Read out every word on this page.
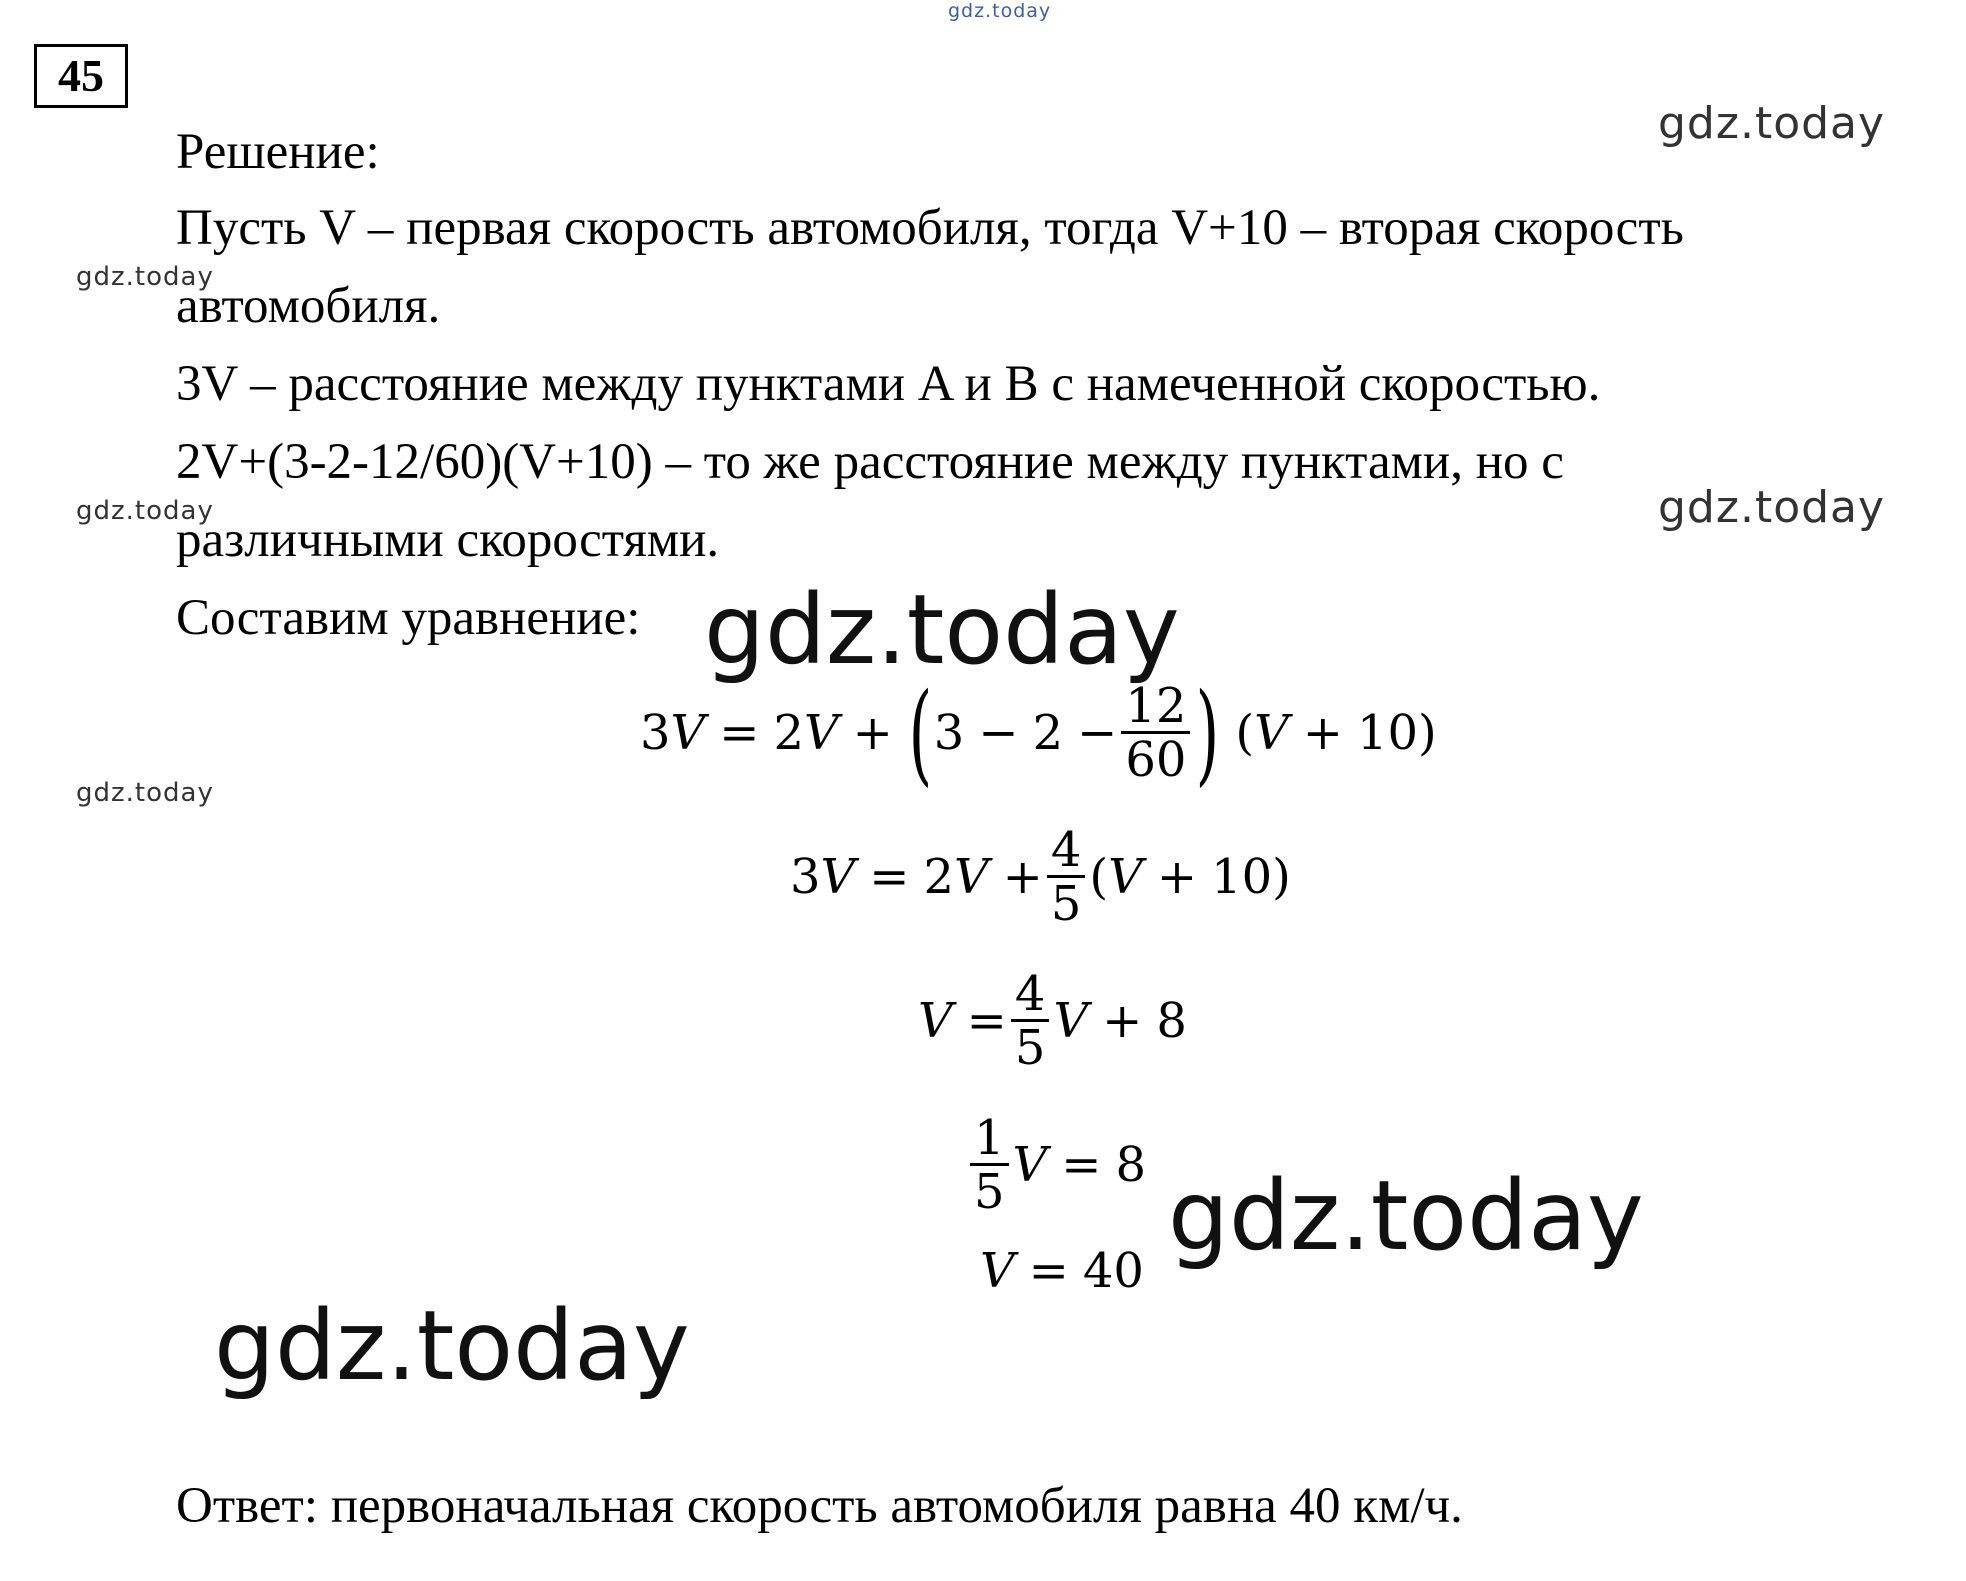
45
gdz.today
gdz.today
gdz.today
gdz.today	gdz.today
gdz.today
gdz.today
gdz.today
gdz.today
Решение:
Пусть V – первая скорость автомобиля, тогда V+10 – вторая скорость
автомобиля.
3V – расстояние между пунктами A и B с намеченной скоростью.
2V+(3-2-12/60)(V+10) – то же расстояние между пунктами, но с
различными скоростями.
Составим уравнение:
3 V = 2 V + ( $3 - 2 - \frac{12}{60}$ ) ( V + 10 )
3 V = 2 $V + \frac{4}{5}$ ( V + 10 )
$V = \frac{4}{5}$ V + 8
$\frac{1}{5}$ V = 8
V = 40
Ответ: первоначальная скорость автомобиля равна 40 км/ч.
